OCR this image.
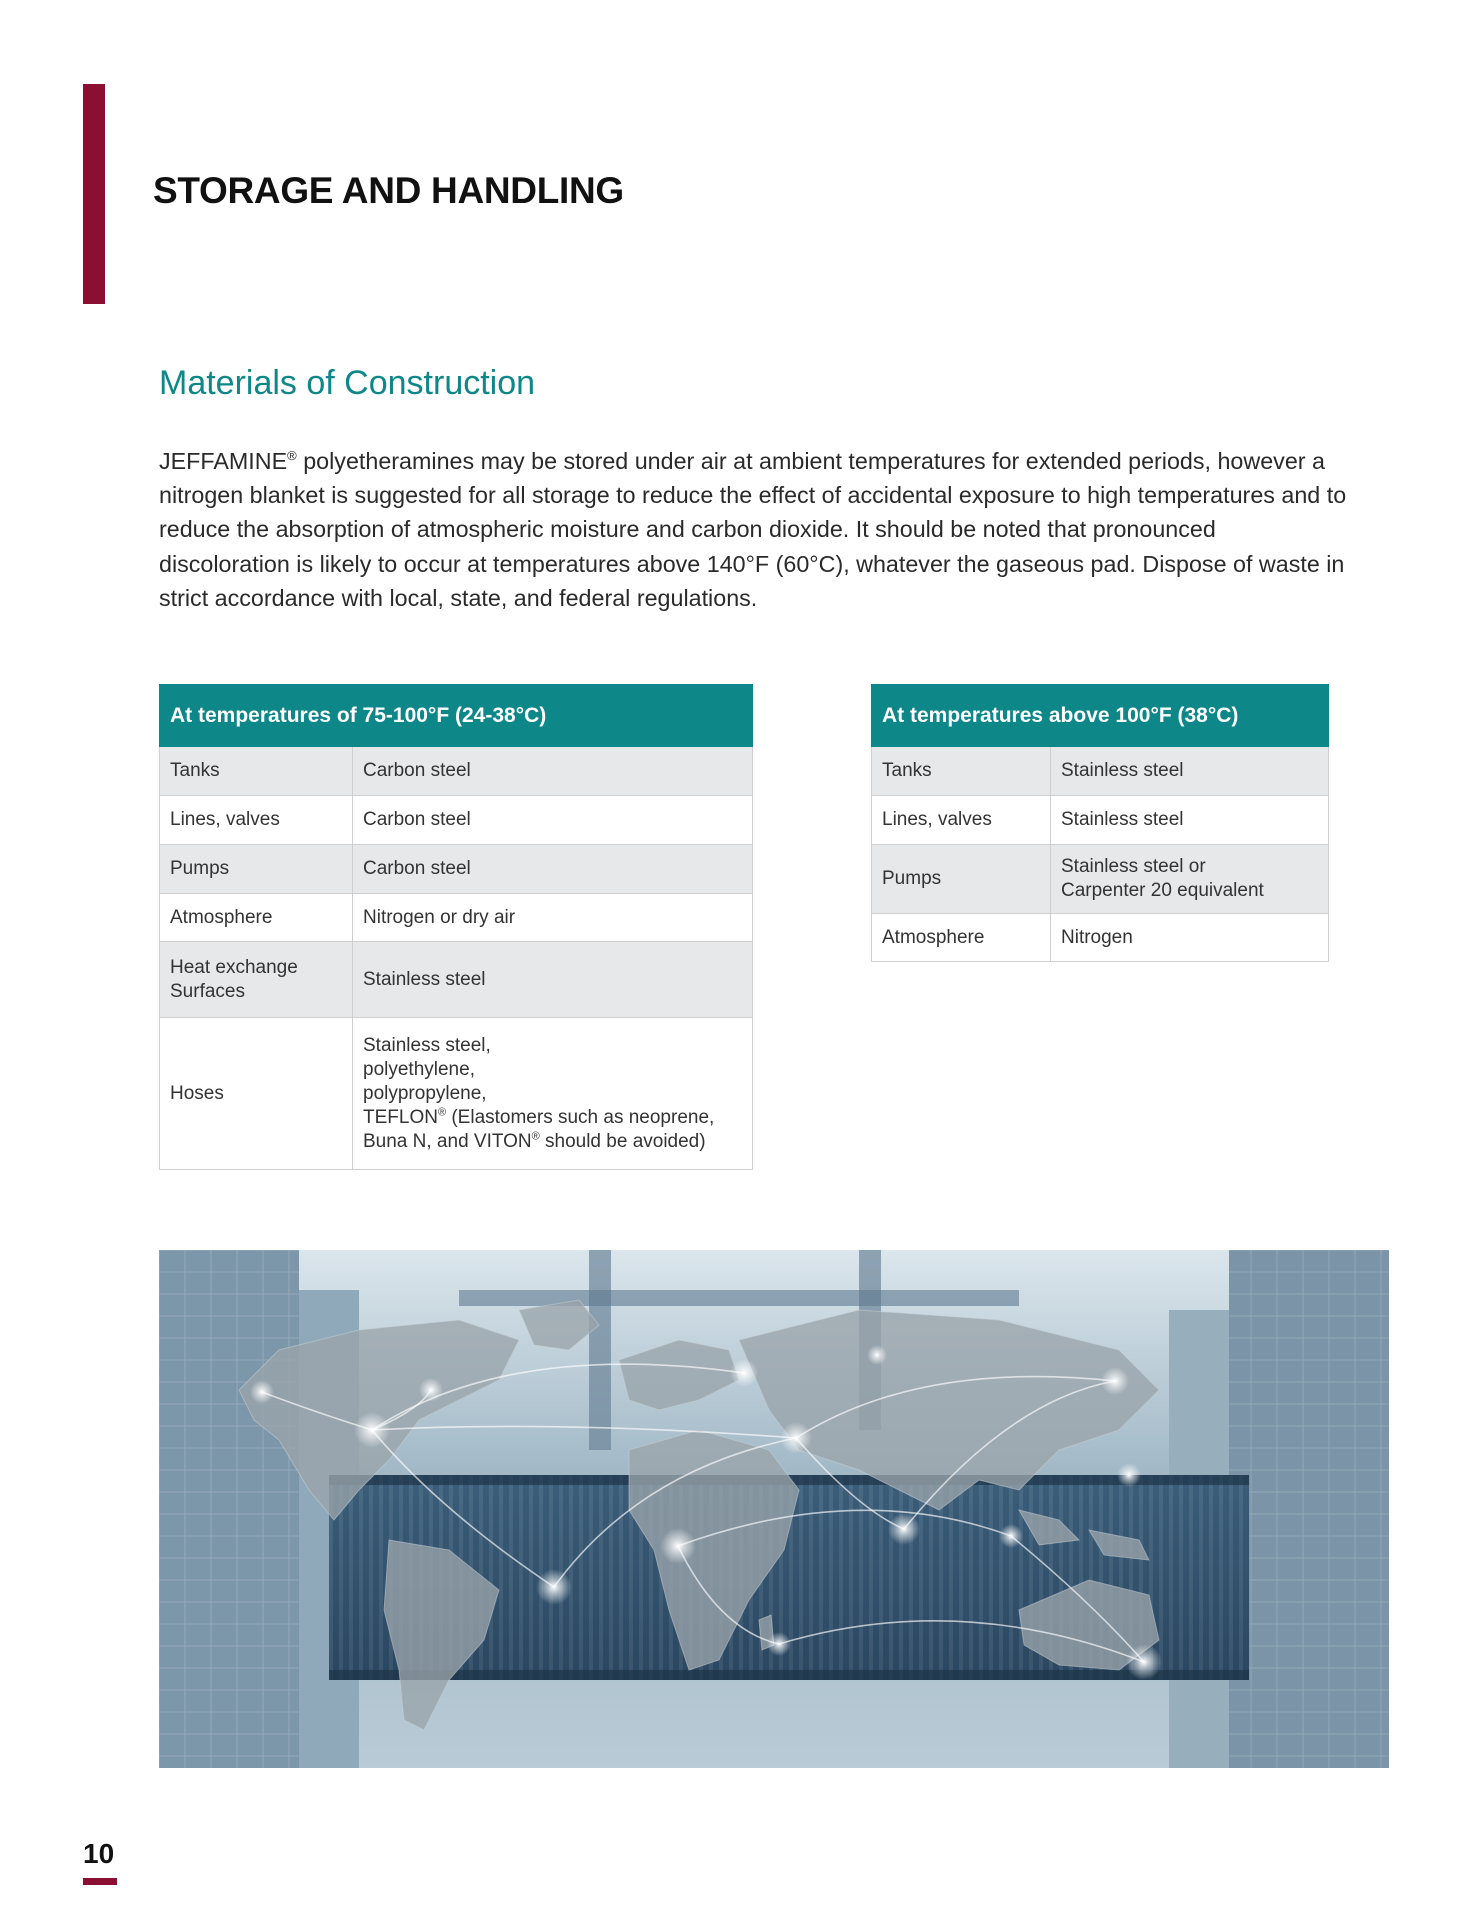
STORAGE AND HANDLING
Materials of Construction

JEFFAMINE® polyetheramines may be stored under air at ambient temperatures for extended periods, however a nitrogen blanket is suggested for all storage to reduce the effect of accidental exposure to high temperatures and to reduce the absorption of atmospheric moisture and carbon dioxide. It should be noted that pronounced discoloration is likely to occur at temperatures above 140°F (60°C), whatever the gaseous pad. Dispose of waste in strict accordance with local, state, and federal regulations.

At temperatures of 75-100°F (24-38°C)	
Tanks	Carbon steel
Lines, valves	Carbon steel
Pumps	Carbon steel
Atmosphere	Nitrogen or dry air
Heat exchange
Surfaces	Stainless steel
Hoses	Stainless steel,
polyethylene,
polypropylene,
TEFLON® (Elastomers such as neoprene,
Buna N, and VITON® should be avoided)
At temperatures above 100°F (38°C)	
Tanks	Stainless steel
Lines, valves	Stainless steel
Pumps	Stainless steel or
Carpenter 20 equivalent
Atmosphere	Nitrogen

10
